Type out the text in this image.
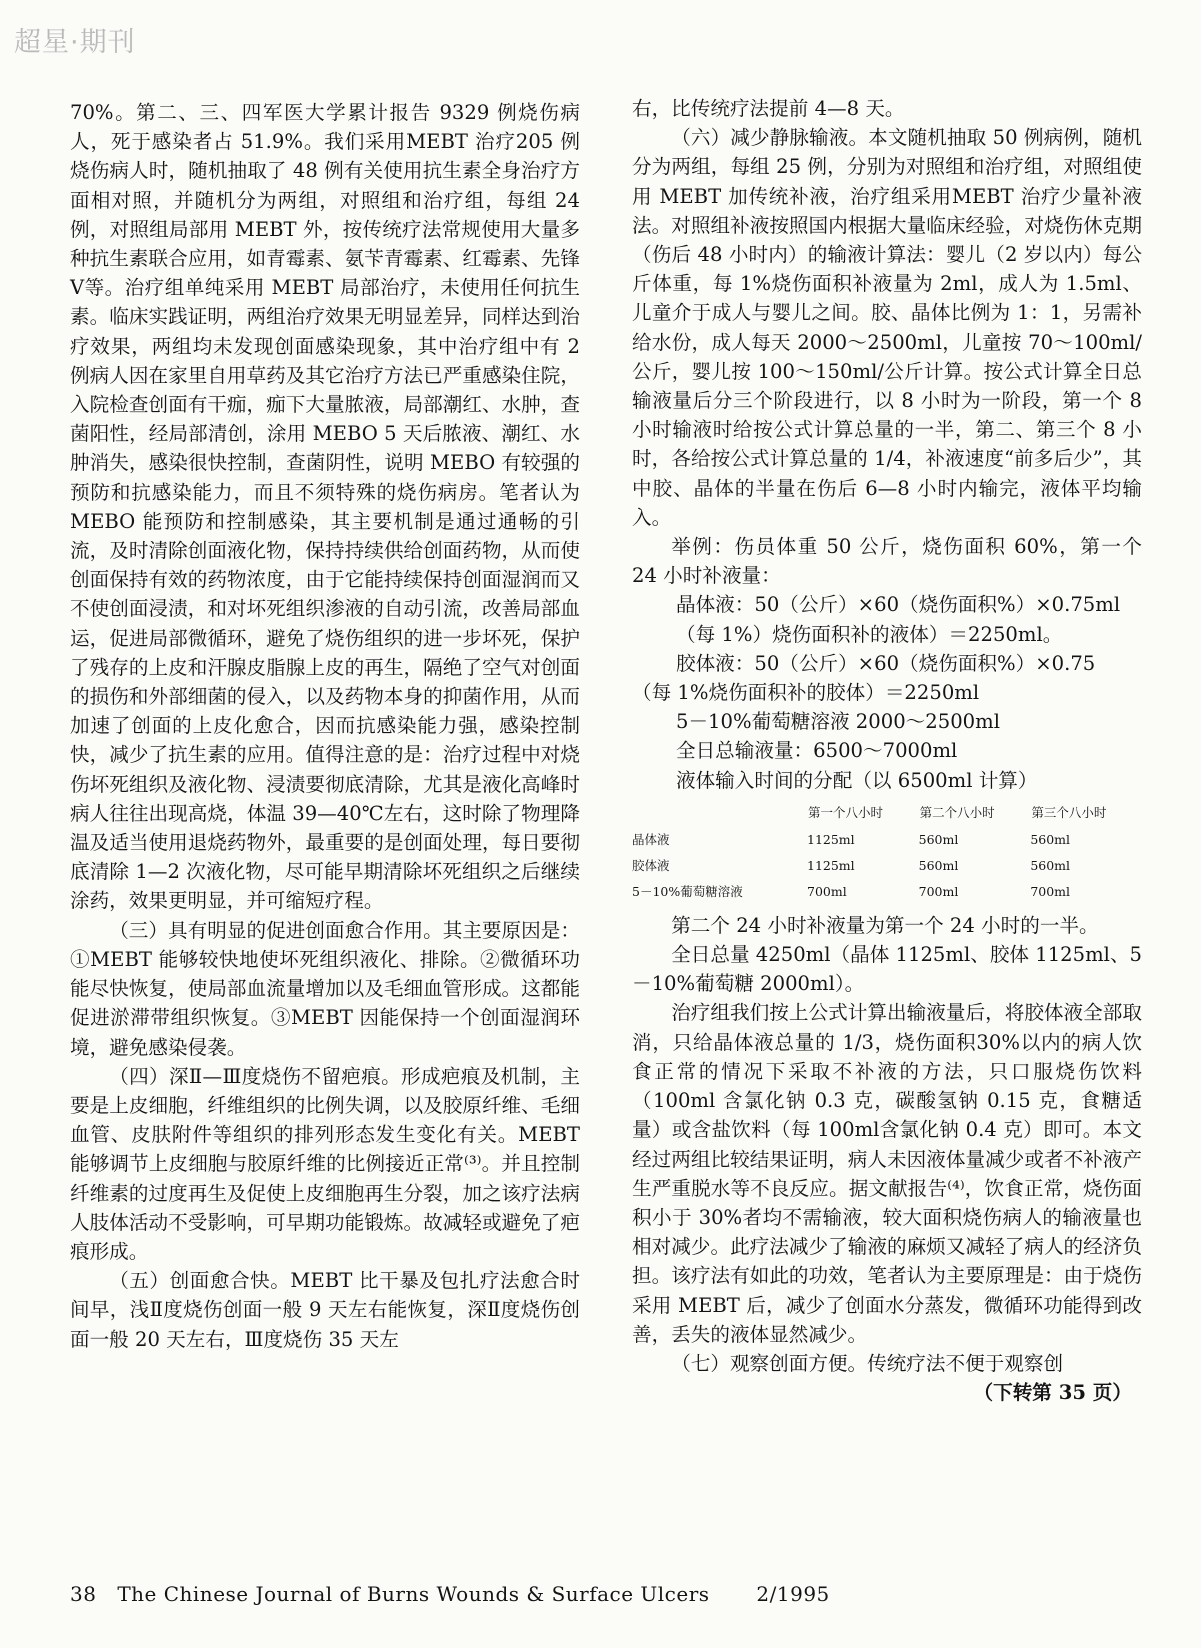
超星·期刊

70%。第二、三、四军医大学累计报告 9329 例烧伤病人，死于感染者占 51.9%。我们采用MEBT 治疗205 例烧伤病人时，随机抽取了 48 例有关使用抗生素全身治疗方面相对照，并随机分为两组，对照组和治疗组，每组 24 例，对照组局部用 MEBT 外，按传统疗法常规使用大量多种抗生素联合应用，如青霉素、氨苄青霉素、红霉素、先锋Ⅴ等。治疗组单纯采用 MEBT 局部治疗，未使用任何抗生素。临床实践证明，两组治疗效果无明显差异，同样达到治疗效果，两组均未发现创面感染现象，其中治疗组中有 2 例病人因在家里自用草药及其它治疗方法已严重感染住院，入院检查创面有干痂，痂下大量脓液，局部潮红、水肿，查菌阳性，经局部清创，涂用 MEBO 5 天后脓液、潮红、水肿消失，感染很快控制，查菌阴性，说明 MEBO 有较强的预防和抗感染能力，而且不须特殊的烧伤病房。笔者认为 MEBO 能预防和控制感染，其主要机制是通过通畅的引流，及时清除创面液化物，保持持续供给创面药物，从而使创面保持有效的药物浓度，由于它能持续保持创面湿润而又不使创面浸渍，和对坏死组织渗液的自动引流，改善局部血运，促进局部微循环，避免了烧伤组织的进一步坏死，保护了残存的上皮和汗腺皮脂腺上皮的再生，隔绝了空气对创面的损伤和外部细菌的侵入，以及药物本身的抑菌作用，从而加速了创面的上皮化愈合，因而抗感染能力强，感染控制快，减少了抗生素的应用。值得注意的是：治疗过程中对烧伤坏死组织及液化物、浸渍要彻底清除，尤其是液化高峰时病人往往出现高烧，体温 39—40℃左右，这时除了物理降温及适当使用退烧药物外，最重要的是创面处理，每日要彻底清除 1—2 次液化物，尽可能早期清除坏死组织之后继续涂药，效果更明显，并可缩短疗程。

（三）具有明显的促进创面愈合作用。其主要原因是：①MEBT 能够较快地使坏死组织液化、排除。②微循环功能尽快恢复，使局部血流量增加以及毛细血管形成。这都能促进淤滞带组织恢复。③MEBT 因能保持一个创面湿润环境，避免感染侵袭。

（四）深Ⅱ—Ⅲ度烧伤不留疤痕。形成疤痕及机制，主要是上皮细胞，纤维组织的比例失调，以及胶原纤维、毛细血管、皮肤附件等组织的排列形态发生变化有关。MEBT 能够调节上皮细胞与胶原纤维的比例接近正常⁽³⁾。并且控制纤维素的过度再生及促使上皮细胞再生分裂，加之该疗法病人肢体活动不受影响，可早期功能锻炼。故减轻或避免了疤痕形成。

（五）创面愈合快。MEBT 比干暴及包扎疗法愈合时间早，浅Ⅱ度烧伤创面一般 9 天左右能恢复，深Ⅱ度烧伤创面一般 20 天左右，Ⅲ度烧伤 35 天左

右，比传统疗法提前 4—8 天。

（六）减少静脉输液。本文随机抽取 50 例病例，随机分为两组，每组 25 例，分别为对照组和治疗组，对照组使用 MEBT 加传统补液，治疗组采用MEBT 治疗少量补液法。对照组补液按照国内根据大量临床经验，对烧伤休克期（伤后 48 小时内）的输液计算法：婴儿（2 岁以内）每公斤体重，每 1%烧伤面积补液量为 2ml，成人为 1.5ml、儿童介于成人与婴儿之间。胶、晶体比例为 1：1，另需补给水份，成人每天 2000～2500ml，儿童按 70～100ml/公斤，婴儿按 100～150ml/公斤计算。按公式计算全日总输液量后分三个阶段进行，以 8 小时为一阶段，第一个 8 小时输液时给按公式计算总量的一半，第二、第三个 8 小时，各给按公式计算总量的 1/4，补液速度“前多后少”，其中胶、晶体的半量在伤后 6—8 小时内输完，液体平均输入。

举例：伤员体重 50 公斤，烧伤面积 60%，第一个 24 小时补液量：

晶体液：50（公斤）×60（烧伤面积%）×0.75ml
（每 1%）烧伤面积补的液体）＝2250ml。
胶体液：50（公斤）×60（烧伤面积%）×0.75
（每 1%烧伤面积补的胶体）＝2250ml
5－10%葡萄糖溶液 2000～2500ml
全日总输液量：6500～7000ml
液体输入时间的分配（以 6500ml 计算）
	第一个八小时	第二个八小时	第三个八小时
晶体液	1125ml	560ml	560ml
胶体液	1125ml	560ml	560ml
5－10%葡萄糖溶液	700ml	700ml	700ml

第二个 24 小时补液量为第一个 24 小时的一半。

全日总量 4250ml（晶体 1125ml、胶体 1125ml、5－10%葡萄糖 2000ml）。

治疗组我们按上公式计算出输液量后，将胶体液全部取消，只给晶体液总量的 1/3，烧伤面积30%以内的病人饮食正常的情况下采取不补液的方法，只口服烧伤饮料（100ml 含氯化钠 0.3 克，碳酸氢钠 0.15 克，食糖适量）或含盐饮料（每 100ml含氯化钠 0.4 克）即可。本文经过两组比较结果证明，病人未因液体量减少或者不补液产生严重脱水等不良反应。据文献报告⁽⁴⁾，饮食正常，烧伤面积小于 30%者均不需输液，较大面积烧伤病人的输液量也相对减少。此疗法减少了输液的麻烦又减轻了病人的经济负担。该疗法有如此的功效，笔者认为主要原理是：由于烧伤采用 MEBT 后，减少了创面水分蒸发，微循环功能得到改善，丢失的液体显然减少。

（七）观察创面方便。传统疗法不便于观察创

（下转第 35 页）
38 The Chinese Journal of Burns Wounds & Surface Ulcers 2/1995
